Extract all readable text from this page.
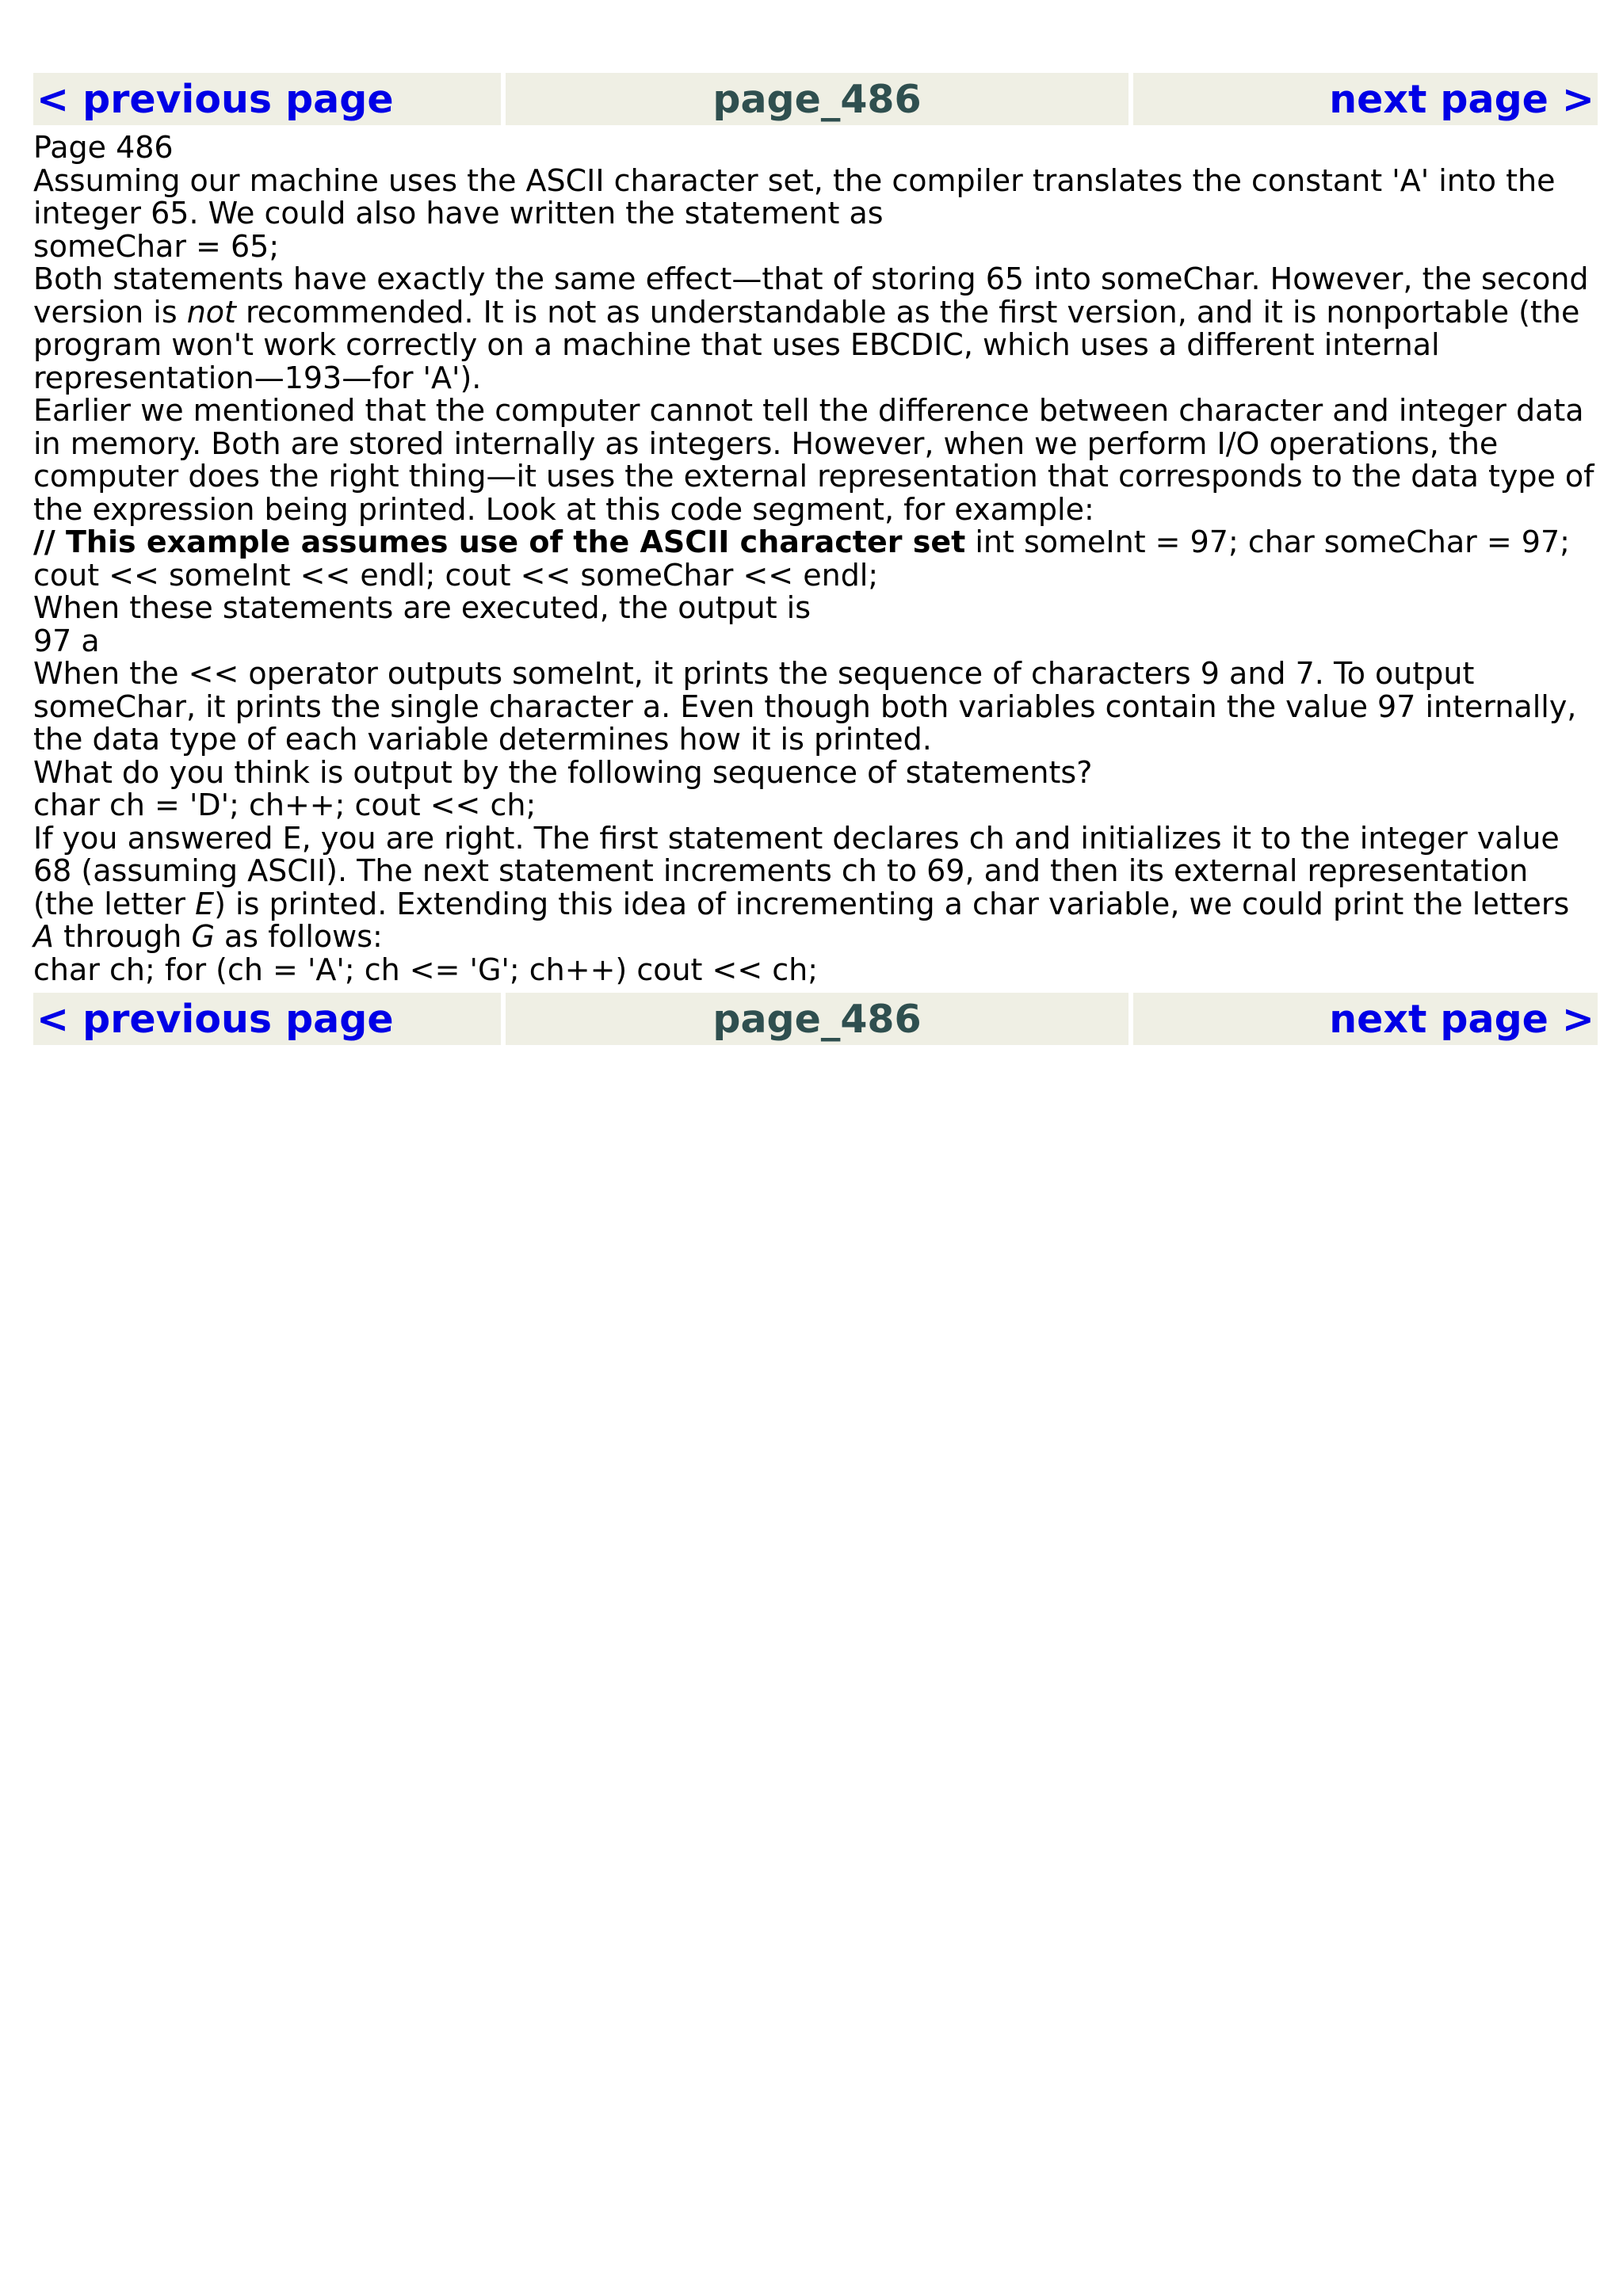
< previous page	page_486	next page >

Page 486

Assuming our machine uses the ASCII character set, the compiler translates the constant 'A' into the integer 65. We could also have written the statement as

someChar = 65;

Both statements have exactly the same effect—that of storing 65 into someChar. However, the second version is not recommended. It is not as understandable as the first version, and it is nonportable (the program won't work correctly on a machine that uses EBCDIC, which uses a different internal representation—193—for 'A').

Earlier we mentioned that the computer cannot tell the difference between character and integer data in memory. Both are stored internally as integers. However, when we perform I/O operations, the computer does the right thing—it uses the external representation that corresponds to the data type of the expression being printed. Look at this code segment, for example:

// This example assumes use of the ASCII character set int someInt = 97; char someChar = 97; cout << someInt << endl; cout << someChar << endl;

When these statements are executed, the output is

97 a

When the << operator outputs someInt, it prints the sequence of characters 9 and 7. To output someChar, it prints the single character a. Even though both variables contain the value 97 internally, the data type of each variable determines how it is printed.

What do you think is output by the following sequence of statements?

char ch = 'D'; ch++; cout << ch;

If you answered E, you are right. The first statement declares ch and initializes it to the integer value 68 (assuming ASCII). The next statement increments ch to 69, and then its external representation (the letter E) is printed. Extending this idea of incrementing a char variable, we could print the letters A through G as follows:

char ch; for (ch = 'A'; ch <= 'G'; ch++) cout << ch;

< previous page	page_486	next page >
